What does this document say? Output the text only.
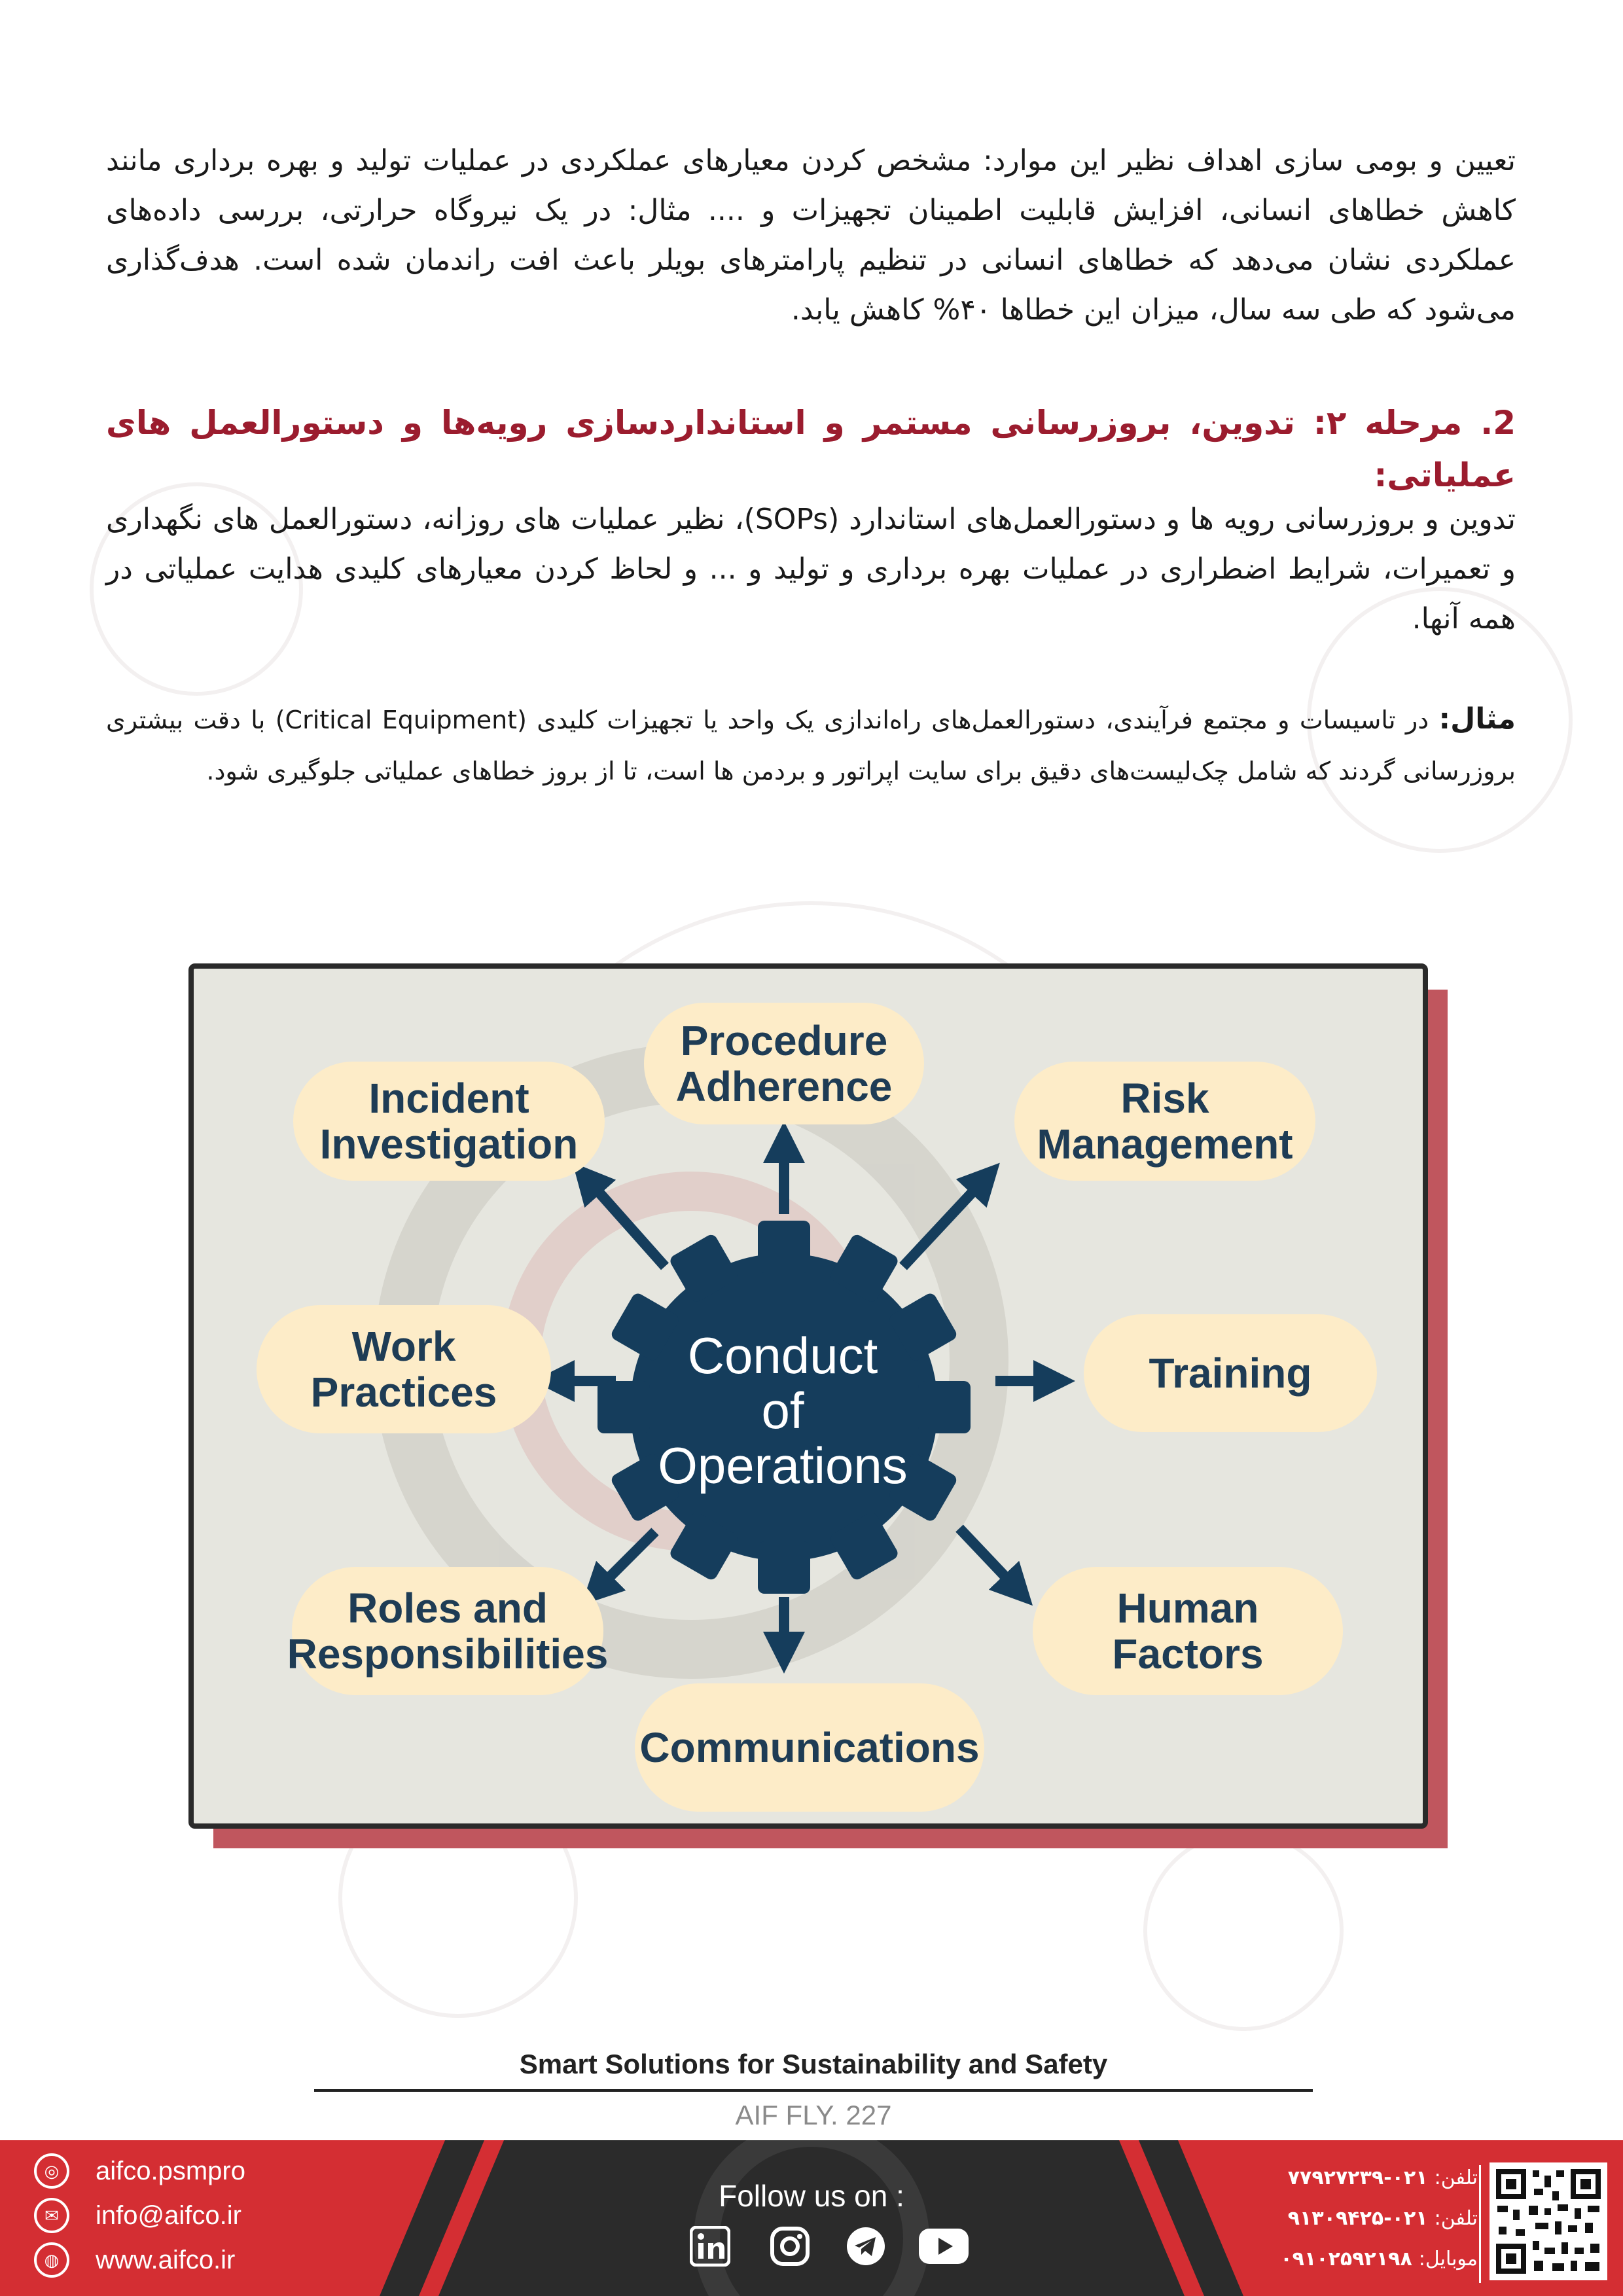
تعیین و بومی سازی اهداف نظیر این موارد: مشخص کردن معیارهای عملکردی در عملیات تولید و بهره برداری مانند کاهش خطاهای انسانی، افزایش قابلیت اطمینان تجهیزات و .... مثال: در یک نیروگاه حرارتی، بررسی داده‌های عملکردی نشان می‌دهد که خطاهای انسانی در تنظیم پارامترهای بویلر باعث افت راندمان شده است. هدف‌گذاری می‌شود که طی سه سال، میزان این خطاها ۴۰% کاهش یابد.

2. مرحله ۲: تدوین، بروزرسانی مستمر و استانداردسازی رویه‌ها و دستورالعمل های عملیاتی:

تدوین و بروزرسانی رویه ها و دستورالعمل‌های استاندارد (SOPs)، نظیر عملیات های روزانه، دستورالعمل های نگهداری و تعمیرات، شرایط اضطراری در عملیات بهره برداری و تولید و ... و لحاظ کردن معیارهای کلیدی هدایت عملیاتی در همه آنها.

مثال: در تاسیسات و مجتمع فرآیندی، دستورالعمل‌های راه‌اندازی یک واحد یا تجهیزات کلیدی (Critical Equipment) با دقت بیشتری بروزرسانی گردند که شامل چک‌لیست‌های دقیق برای سایت اپراتور و بردمن ها است، تا از بروز خطاهای عملیاتی جلوگیری شود.

Conduct
of
Operations
Procedure
Adherence
Incident
Investigation
Risk
Management
Work
Practices	Training
Roles and
Responsibilities
Human
Factors
Communications
Smart Solutions for Sustainability and Safety
AIF FLY. 227
◎	aifco.psmpro
✉	info@aifco.ir
◍	www.aifco.ir
Follow us on :
تلفن:۰۲۱-۷۷۹۲۷۲۳۹
تلفن:۰۲۱-۹۱۳۰۹۴۲۵
موبایل:۰۹۱۰۲۵۹۲۱۹۸
